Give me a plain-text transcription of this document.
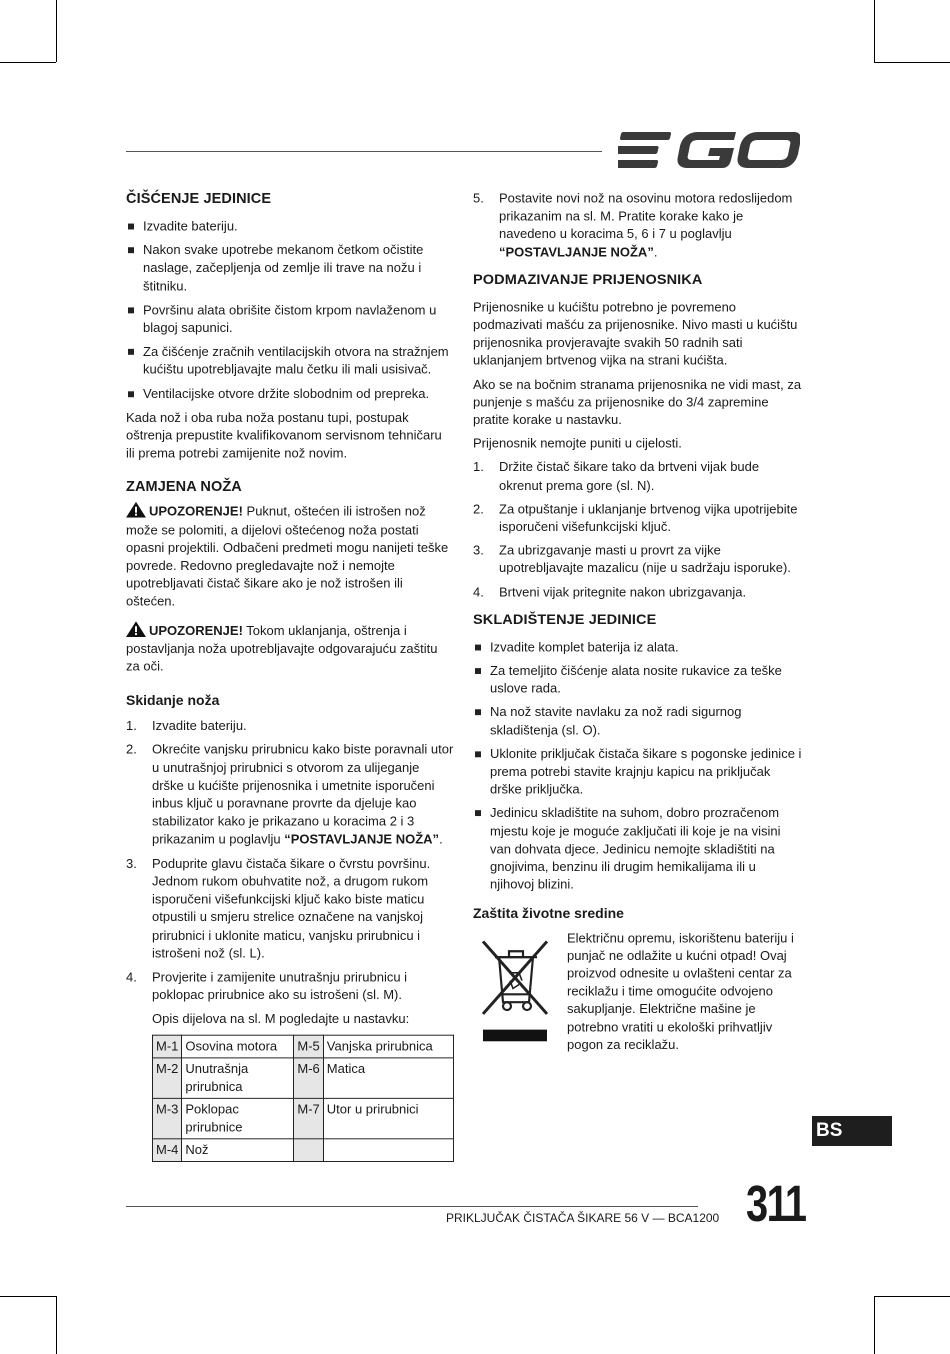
ČIŠĆENJE JEDINICE
Izvadite bateriju.
Nakon svake upotrebe mekanom četkom očistite naslage, začepljenja od zemlje ili trave na nožu i štitniku.
Površinu alata obrišite čistom krpom navlaženom u blagoj sapunici.
Za čišćenje zračnih ventilacijskih otvora na stražnjem kućištu upotrebljavajte malu četku ili mali usisivač.
Ventilacijske otvore držite slobodnim od prepreka.

Kada nož i oba ruba noža postanu tupi, postupak oštrenja prepustite kvalifikovanom servisnom tehničaru ili prema potrebi zamijenite nož novim.

ZAMJENA NOŽA

UPOZORENJE! Puknut, oštećen ili istrošen nož može se polomiti, a dijelovi oštećenog noža postati opasni projektili. Odbačeni predmeti mogu nanijeti teške povrede. Redovno pregledavajte nož i nemojte upotrebljavati čistač šikare ako je nož istrošen ili oštećen.

UPOZORENJE! Tokom uklanjanja, oštrenja i postavljanja noža upotrebljavajte odgovarajuću zaštitu za oči.

Skidanje noža
1. Izvadite bateriju.
2. Okrećite vanjsku prirubnicu kako biste poravnali utor u unutrašnjoj prirubnici s otvorom za ulijeganje drške u kućište prijenosnika i umetnite isporučeni inbus ključ u poravnane provrte da djeluje kao stabilizator kako je prikazano u koracima 2 i 3 prikazanim u poglavlju “POSTAVLJANJE NOŽA”.
3. Poduprite glavu čistača šikare o čvrstu površinu. Jednom rukom obuhvatite nož, a drugom rukom isporučeni višefunkcijski ključ kako biste maticu otpustili u smjeru strelice označene na vanjskoj prirubnici i uklonite maticu, vanjsku prirubnicu i istrošeni nož (sl. L).
4. Provjerite i zamijenite unutrašnju prirubnicu i poklopac prirubnice ako su istrošeni (sl. M).

Opis dijelova na sl. M pogledajte u nastavku:

M-1	Osovina motora	M-5	Vanjska prirubnica
M-2	Unutrašnja prirubnica	M-6	Matica
M-3	Poklopac prirubnice	M-7	Utor u prirubnici
M-4	Nož		
5. Postavite novi nož na osovinu motora redoslijedom prikazanim na sl. M. Pratite korake kako je navedeno u koracima 5, 6 i 7 u poglavlju “POSTAVLJANJE NOŽA”.
PODMAZIVANJE PRIJENOSNIKA

Prijenosnike u kućištu potrebno je povremeno podmazivati mašću za prijenosnike. Nivo masti u kućištu prijenosnika provjeravajte svakih 50 radnih sati uklanjanjem brtvenog vijka na strani kućišta.

Ako se na bočnim stranama prijenosnika ne vidi mast, za punjenje s mašću za prijenosnike do 3/4 zapremine pratite korake u nastavku.

Prijenosnik nemojte puniti u cijelosti.

1. Držite čistač šikare tako da brtveni vijak bude okrenut prema gore (sl. N).
2. Za otpuštanje i uklanjanje brtvenog vijka upotrijebite isporučeni višefunkcijski ključ.
3. Za ubrizgavanje masti u provrt za vijke upotrebljavajte mazalicu (nije u sadržaju isporuke).
4. Brtveni vijak pritegnite nakon ubrizgavanja.
SKLADIŠTENJE JEDINICE
Izvadite komplet baterija iz alata.
Za temeljito čišćenje alata nosite rukavice za teške uslove rada.
Na nož stavite navlaku za nož radi sigurnog skladištenja (sl. O).
Uklonite priključak čistača šikare s pogonske jedinice i prema potrebi stavite krajnju kapicu na priključak drške priključka.
Jedinicu skladištite na suhom, dobro prozračenom mjestu koje je moguće zaključati ili koje je na visini van dohvata djece. Jedinicu nemojte skladištiti na gnojivima, benzinu ili drugim hemikalijama ili u njihovoj blizini.
Zaštita životne sredine

Električnu opremu, iskorištenu bateriju i punjač ne odlažite u kućni otpad! Ovaj proizvod odnesite u ovlašteni centar za reciklažu i time omogućite odvojeno sakupljanje. Električne mašine je potrebno vratiti u ekološki prihvatljiv pogon za reciklažu.

BS
PRIKLJUČAK ČISTAČA ŠIKARE 56 V — BCA1200 311
